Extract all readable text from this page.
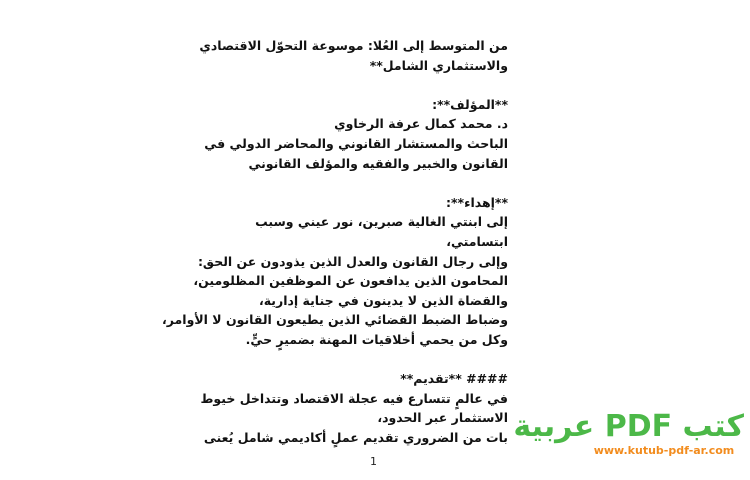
من المتوسط إلى العُلا: موسوعة التحوّل الاقتصادي
والاستثماري الشامل**
**المؤلف**:
د. محمد كمال عرفة الرخاوي
الباحث والمستشار القانوني والمحاضر الدولي في
القانون والخبير والفقيه والمؤلف القانوني
**إهداء**:
إلى ابنتي الغالية صبرين، نور عيني وسبب
ابتسامتي،
وإلى رجال القانون والعدل الذين يذودون عن الحق:
المحامون الذين يدافعون عن الموظفين المظلومين،
والقضاة الذين لا يدينون في جناية إدارية،
وضباط الضبط القضائي الذين يطيعون القانون لا الأوامر،
وكل من يحمي أخلاقيات المهنة بضميرٍ حيٍّ.
#### **تقديم**
في عالمٍ تتسارع فيه عجلة الاقتصاد وتتداخل خيوط
الاستثمار عبر الحدود،
بات من الضروري تقديم عملٍ أكاديمي شامل يُعنى
1
كتب PDF عربية
www.kutub-pdf-ar.com
